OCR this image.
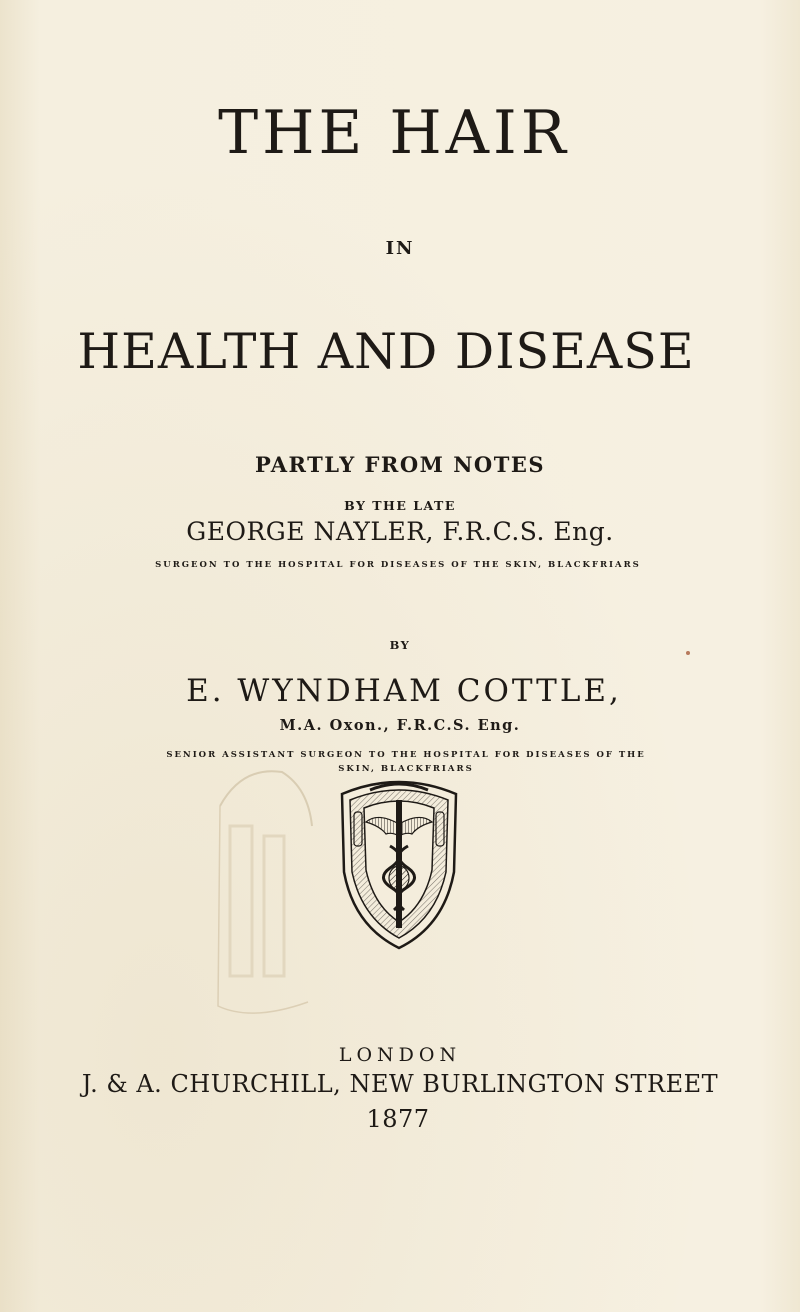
THE HAIR
IN
HEALTH AND DISEASE
PARTLY FROM NOTES
BY THE LATE
GEORGE NAYLER, F.R.C.S. Eng.
SURGEON TO THE HOSPITAL FOR DISEASES OF THE SKIN, BLACKFRIARS
BY
E. WYNDHAM COTTLE,
M.A. Oxon., F.R.C.S. Eng.
SENIOR ASSISTANT SURGEON TO THE HOSPITAL FOR DISEASES OF THE
SKIN, BLACKFRIARS
LONDON
J. & A. CHURCHILL, NEW BURLINGTON STREET
1877
